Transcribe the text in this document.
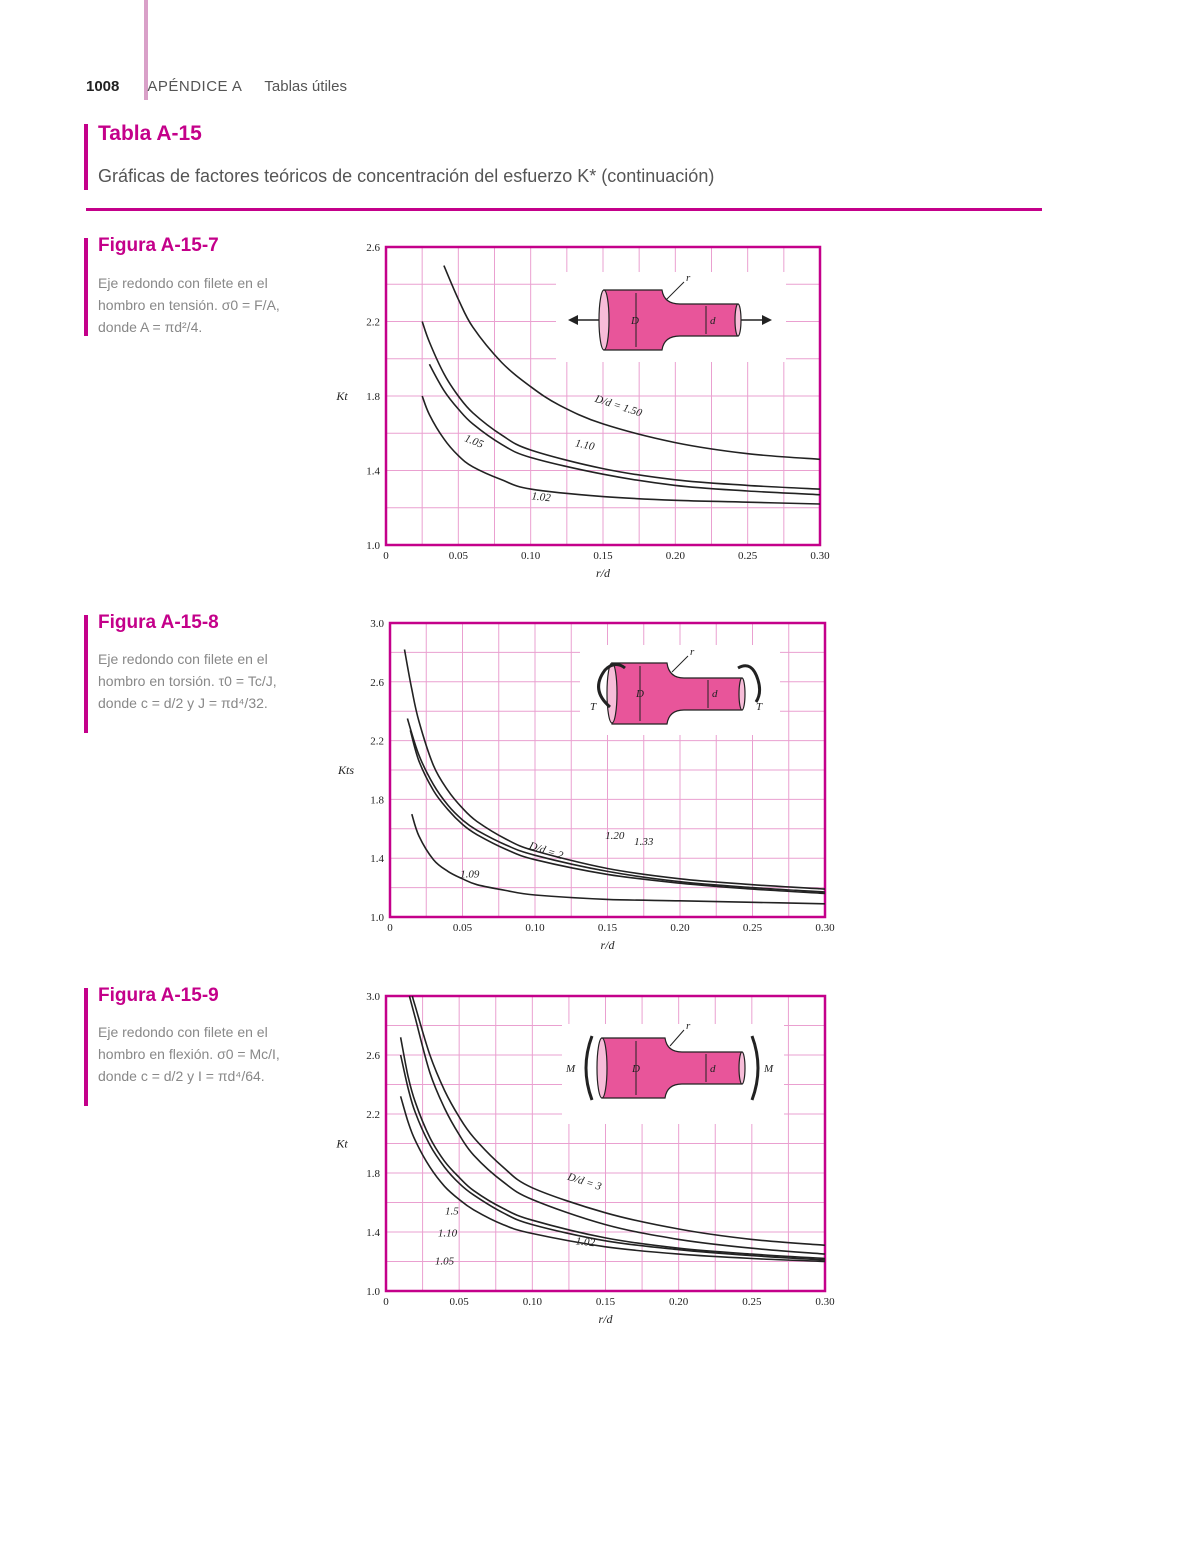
1008 APÉNDICE A Tablas útiles
Tabla A-15
Gráficas de factores teóricos de concentración del esfuerzo K* (continuación)
Figura A-15-7
Eje redondo con filete en el hombro en tensión. σ0 = F/A, donde A = πd²/4.
Figura A-15-8
Eje redondo con filete en el hombro en torsión. τ0 = Tc/J, donde c = d/2 y J = πd⁴/32.
Figura A-15-9
Eje redondo con filete en el hombro en flexión. σ0 = Mc/I, donde c = d/2 y I = πd⁴/64.
0	0.05	0.10	0.15	0.20	0.25	0.30
1.0
1.4
1.8
2.2
2.6
r/d
Kt	D/d = 1.50
1.10
1.05
1.02
0	0.05	0.10	0.15	0.20	0.25	0.30
1.0
1.4
1.8
2.2
2.6
3.0
r/d
Kts
D/d = 2
1.20 1.33
1.09
0	0.05	0.10	0.15	0.20	0.25	0.30
1.0
1.4
1.8
2.2
2.6
3.0
r/d
Kt
D/d = 3
1.5
1.10
1.05
1.02
r
D	d
r
D	d
T	T
r
D	d
M	M
